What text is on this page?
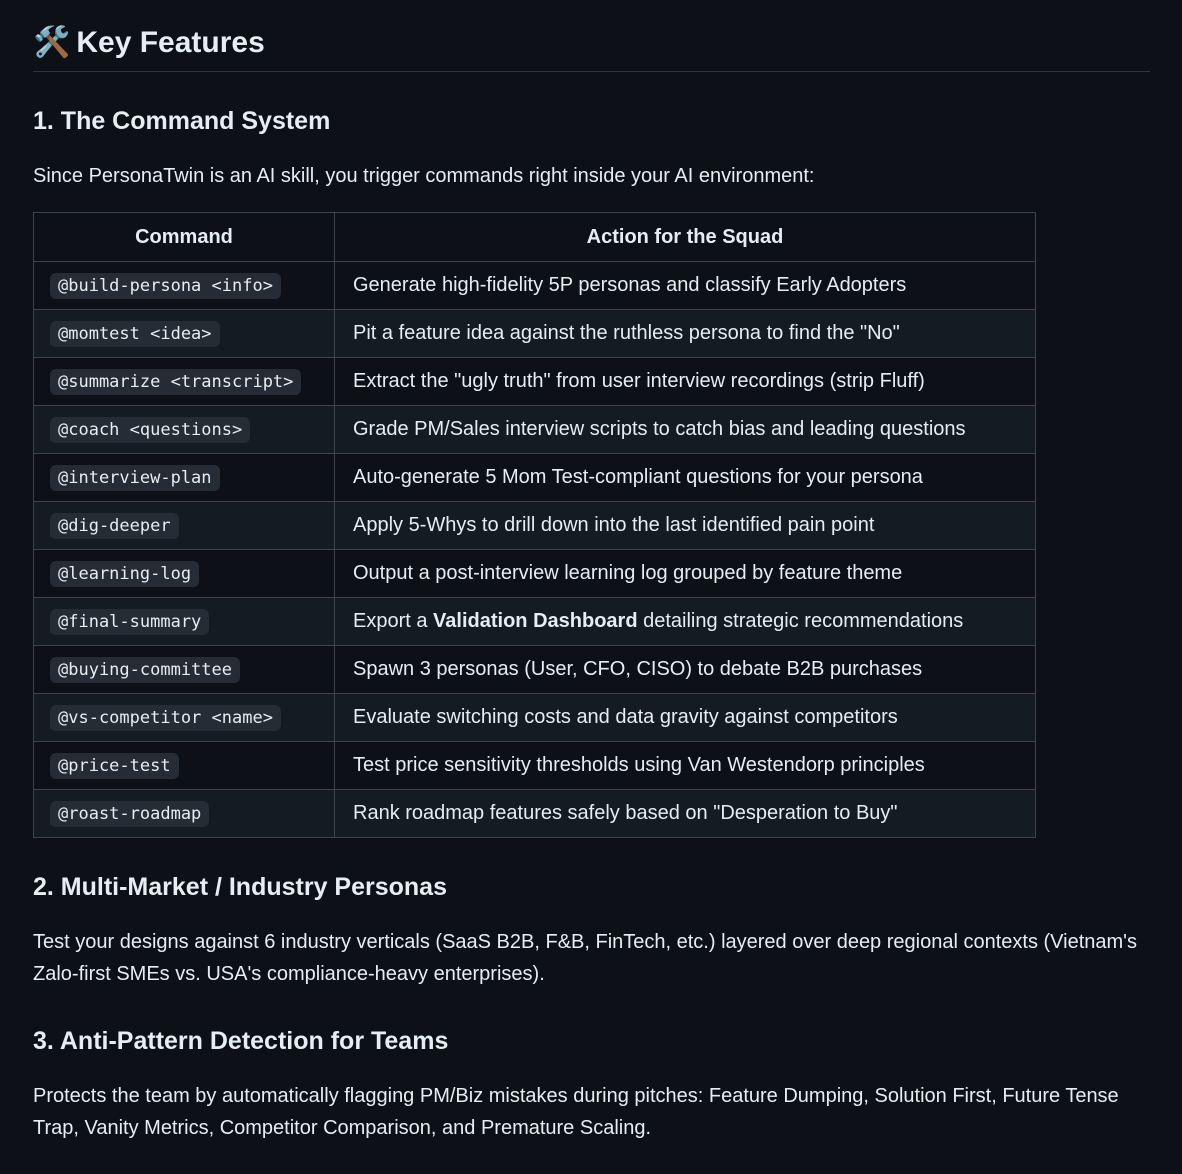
🛠️ Key Features
1. The Command System

Since PersonaTwin is an AI skill, you trigger commands right inside your AI environment:

Command	Action for the Squad
@build-persona <info>	Generate high-fidelity 5P personas and classify Early Adopters
@momtest <idea>	Pit a feature idea against the ruthless persona to find the "No"
@summarize <transcript>	Extract the "ugly truth" from user interview recordings (strip Fluff)
@coach <questions>	Grade PM/Sales interview scripts to catch bias and leading questions
@interview-plan	Auto-generate 5 Mom Test-compliant questions for your persona
@dig-deeper	Apply 5-Whys to drill down into the last identified pain point
@learning-log	Output a post-interview learning log grouped by feature theme
@final-summary	Export a Validation Dashboard detailing strategic recommendations
@buying-committee	Spawn 3 personas (User, CFO, CISO) to debate B2B purchases
@vs-competitor <name>	Evaluate switching costs and data gravity against competitors
@price-test	Test price sensitivity thresholds using Van Westendorp principles
@roast-roadmap	Rank roadmap features safely based on "Desperation to Buy"
2. Multi-Market / Industry Personas

Test your designs against 6 industry verticals (SaaS B2B, F&B, FinTech, etc.) layered over deep regional contexts (Vietnam's Zalo-first SMEs vs. USA's compliance-heavy enterprises).

3. Anti-Pattern Detection for Teams

Protects the team by automatically flagging PM/Biz mistakes during pitches: Feature Dumping, Solution First, Future Tense Trap, Vanity Metrics, Competitor Comparison, and Premature Scaling.
